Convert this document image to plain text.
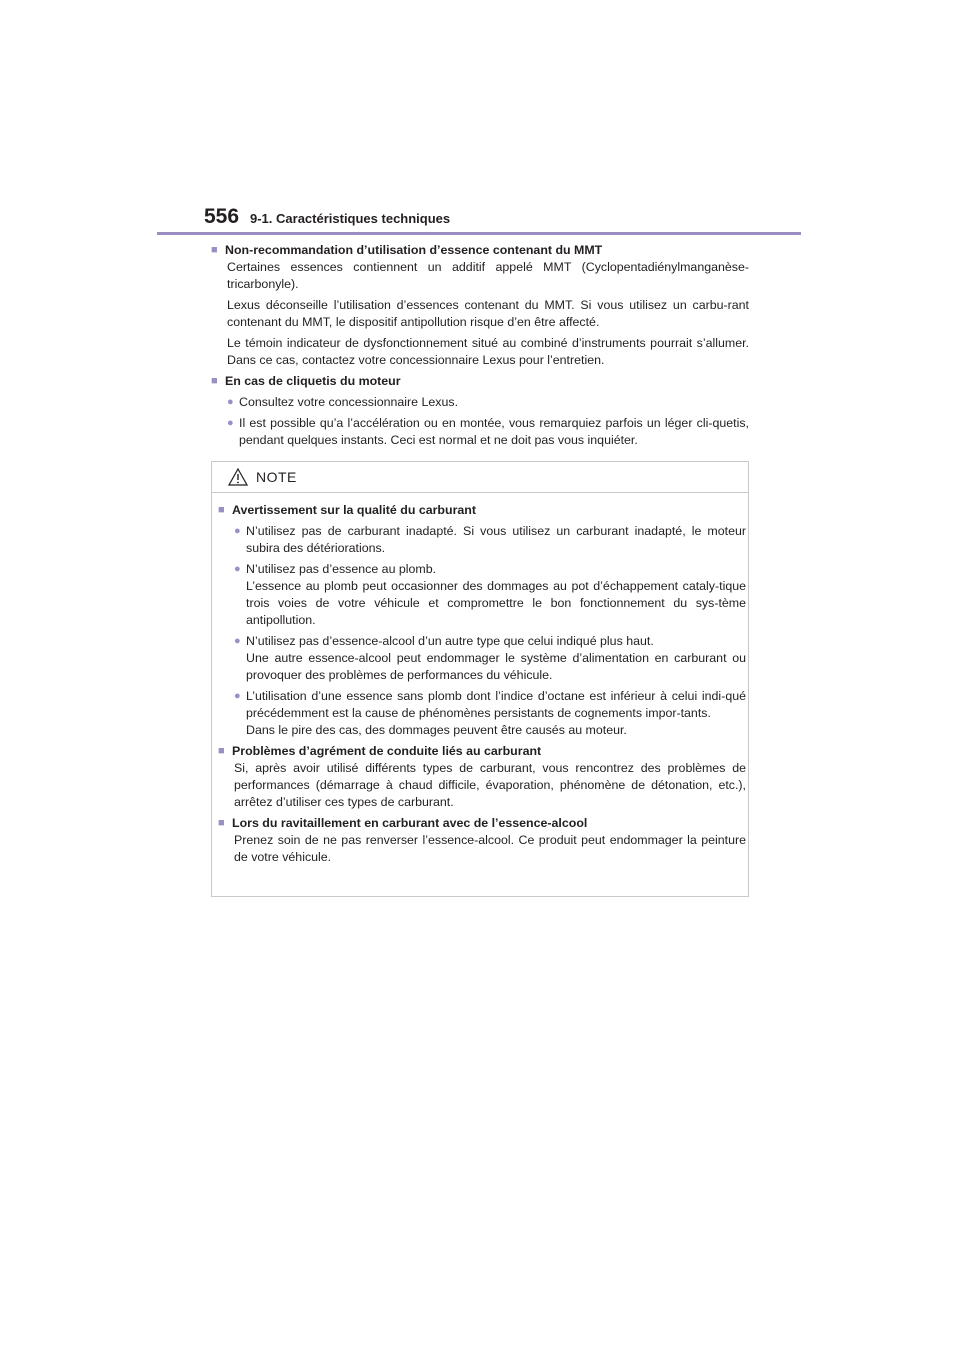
556 9-1. Caractéristiques techniques
■ Non-recommandation d’utilisation d’essence contenant du MMT

Certaines essences contiennent un additif appelé MMT (Cyclopentadiénylmanganèse-tricarbonyle).

Lexus déconseille l’utilisation d’essences contenant du MMT. Si vous utilisez un carbu-rant contenant du MMT, le dispositif antipollution risque d’en être affecté.

Le témoin indicateur de dysfonctionnement situé au combiné d’instruments pourrait s’allumer. Dans ce cas, contactez votre concessionnaire Lexus pour l’entretien.

■ En cas de cliquetis du moteur
● Consultez votre concessionnaire Lexus.
● Il est possible qu’a l’accélération ou en montée, vous remarquiez parfois un léger cli-quetis, pendant quelques instants. Ceci est normal et ne doit pas vous inquiéter.
NOTE
■ Avertissement sur la qualité du carburant
● N’utilisez pas de carburant inadapté. Si vous utilisez un carburant inadapté, le moteur subira des détériorations.
● N’utilisez pas d’essence au plomb.
L’essence au plomb peut occasionner des dommages au pot d’échappement cataly-tique trois voies de votre véhicule et compromettre le bon fonctionnement du sys-tème antipollution.
● N’utilisez pas d’essence-alcool d’un autre type que celui indiqué plus haut.
Une autre essence-alcool peut endommager le système d’alimentation en carburant ou provoquer des problèmes de performances du véhicule.
● L’utilisation d’une essence sans plomb dont l’indice d’octane est inférieur à celui indi-qué précédemment est la cause de phénomènes persistants de cognements impor-tants.
Dans le pire des cas, des dommages peuvent être causés au moteur.
■ Problèmes d’agrément de conduite liés au carburant

Si, après avoir utilisé différents types de carburant, vous rencontrez des problèmes de performances (démarrage à chaud difficile, évaporation, phénomène de détonation, etc.), arrêtez d’utiliser ces types de carburant.

■ Lors du ravitaillement en carburant avec de l’essence-alcool

Prenez soin de ne pas renverser l’essence-alcool. Ce produit peut endommager la peinture de votre véhicule.
